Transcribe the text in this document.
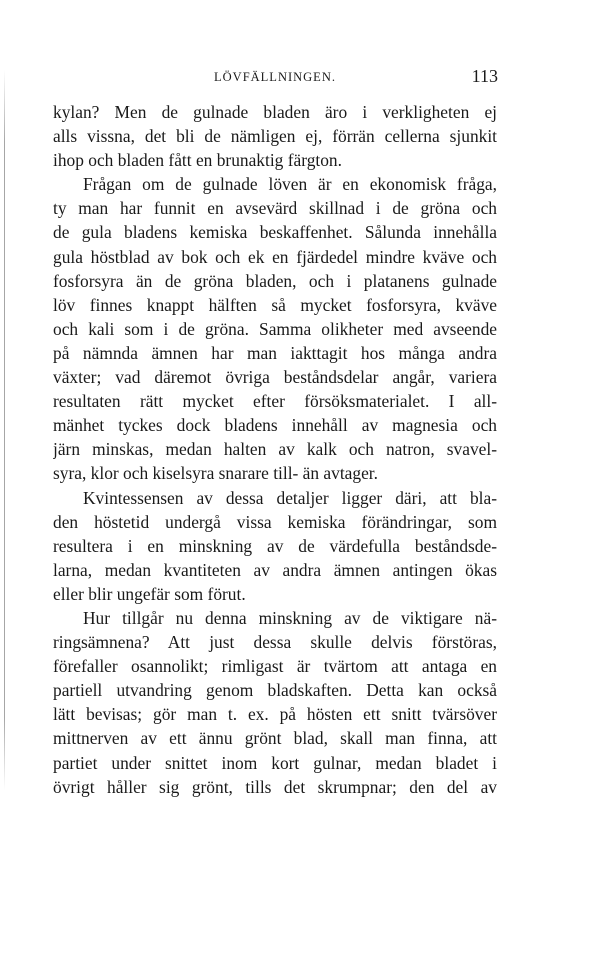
LÖVFÄLLNINGEN.	113
kylan? Men de gulnade bladen äro i verkligheten ej
alls vissna, det bli de nämligen ej, förrän cellerna sjunkit
ihop och bladen fått en brunaktig färgton.
Frågan om de gulnade löven är en ekonomisk fråga,
ty man har funnit en avsevärd skillnad i de gröna och
de gula bladens kemiska beskaffenhet. Sålunda innehålla
gula höstblad av bok och ek en fjärdedel mindre kväve och
fosforsyra än de gröna bladen, och i platanens gulnade
löv finnes knappt hälften så mycket fosforsyra, kväve
och kali som i de gröna. Samma olikheter med avseende
på nämnda ämnen har man iakttagit hos många andra
växter; vad däremot övriga beståndsdelar angår, variera
resultaten rätt mycket efter försöksmaterialet. I all-
mänhet tyckes dock bladens innehåll av magnesia och
järn minskas, medan halten av kalk och natron, svavel-
syra, klor och kiselsyra snarare till- än avtager.
Kvintessensen av dessa detaljer ligger däri, att bla-
den höstetid undergå vissa kemiska förändringar, som
resultera i en minskning av de värdefulla beståndsde-
larna, medan kvantiteten av andra ämnen antingen ökas
eller blir ungefär som förut.
Hur tillgår nu denna minskning av de viktigare nä-
ringsämnena? Att just dessa skulle delvis förstöras,
förefaller osannolikt; rimligast är tvärtom att antaga en
partiell utvandring genom bladskaften. Detta kan också
lätt bevisas; gör man t. ex. på hösten ett snitt tvärsöver
mittnerven av ett ännu grönt blad, skall man finna, att
partiet under snittet inom kort gulnar, medan bladet i
övrigt håller sig grönt, tills det skrumpnar; den del av
